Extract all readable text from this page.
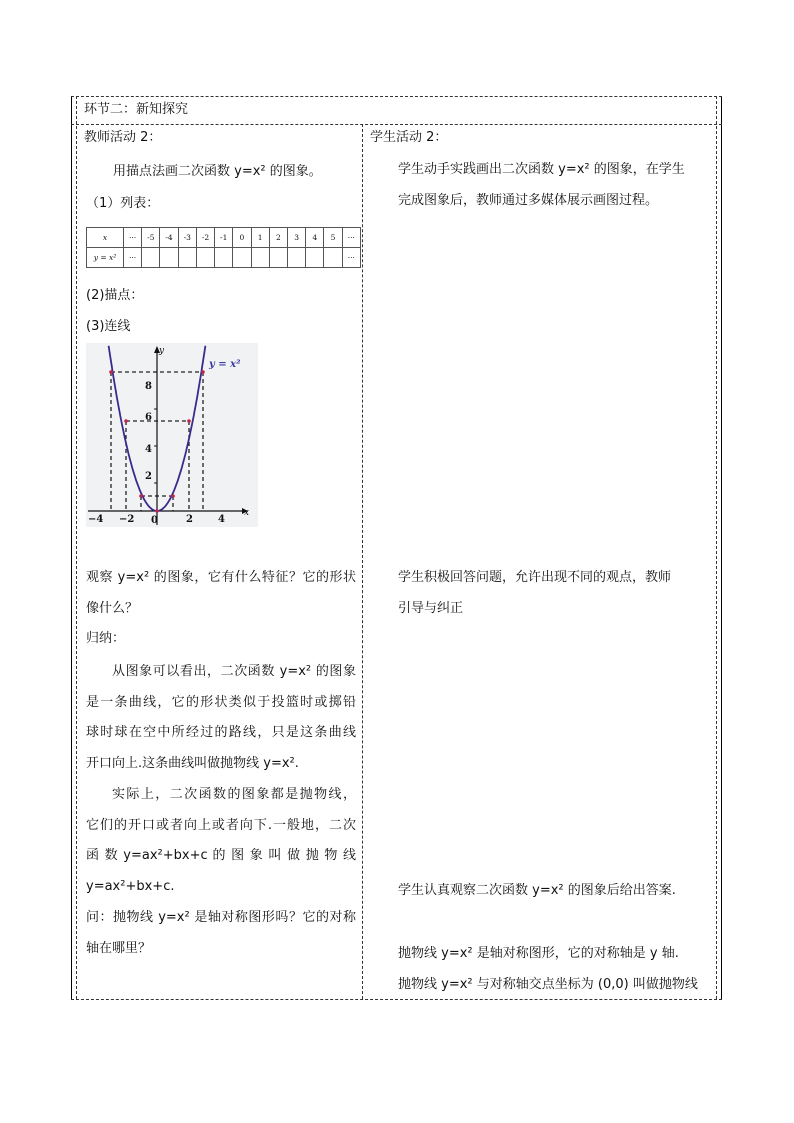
环节二：新知探究
教师活动 2：
用描点法画二次函数 y=x² 的图象。
（1）列表：
x	···	-5	-4	-3	-2	-1	0	1	2	3	4	5	···
y = x²	···												···
(2)描点：
(3)连线
8
6
4
2
−4 −2 0	2	4
y
x
y = x²
观察 y=x² 的图象，它有什么特征？它的形状
像什么？
归纳：
从图象可以看出，二次函数 y=x² 的图象
是一条曲线，它的形状类似于投篮时或掷铅
球时球在空中所经过的路线，只是这条曲线
开口向上.这条曲线叫做抛物线 y=x².
实际上，二次函数的图象都是抛物线，
它们的开口或者向上或者向下.一般地，二次
函 数 y=ax²+bx+c 的 图 象 叫 做 抛 物 线
y=ax²+bx+c.
问：抛物线 y=x² 是轴对称图形吗？它的对称
轴在哪里？
学生活动 2：
学生动手实践画出二次函数 y=x² 的图象，在学生
完成图象后，教师通过多媒体展示画图过程。
学生积极回答问题，允许出现不同的观点，教师
引导与纠正
学生认真观察二次函数 y=x² 的图象后给出答案.
抛物线 y=x² 是轴对称图形，它的对称轴是 y 轴.
抛物线 y=x² 与对称轴交点坐标为 (0,0) 叫做抛物线
